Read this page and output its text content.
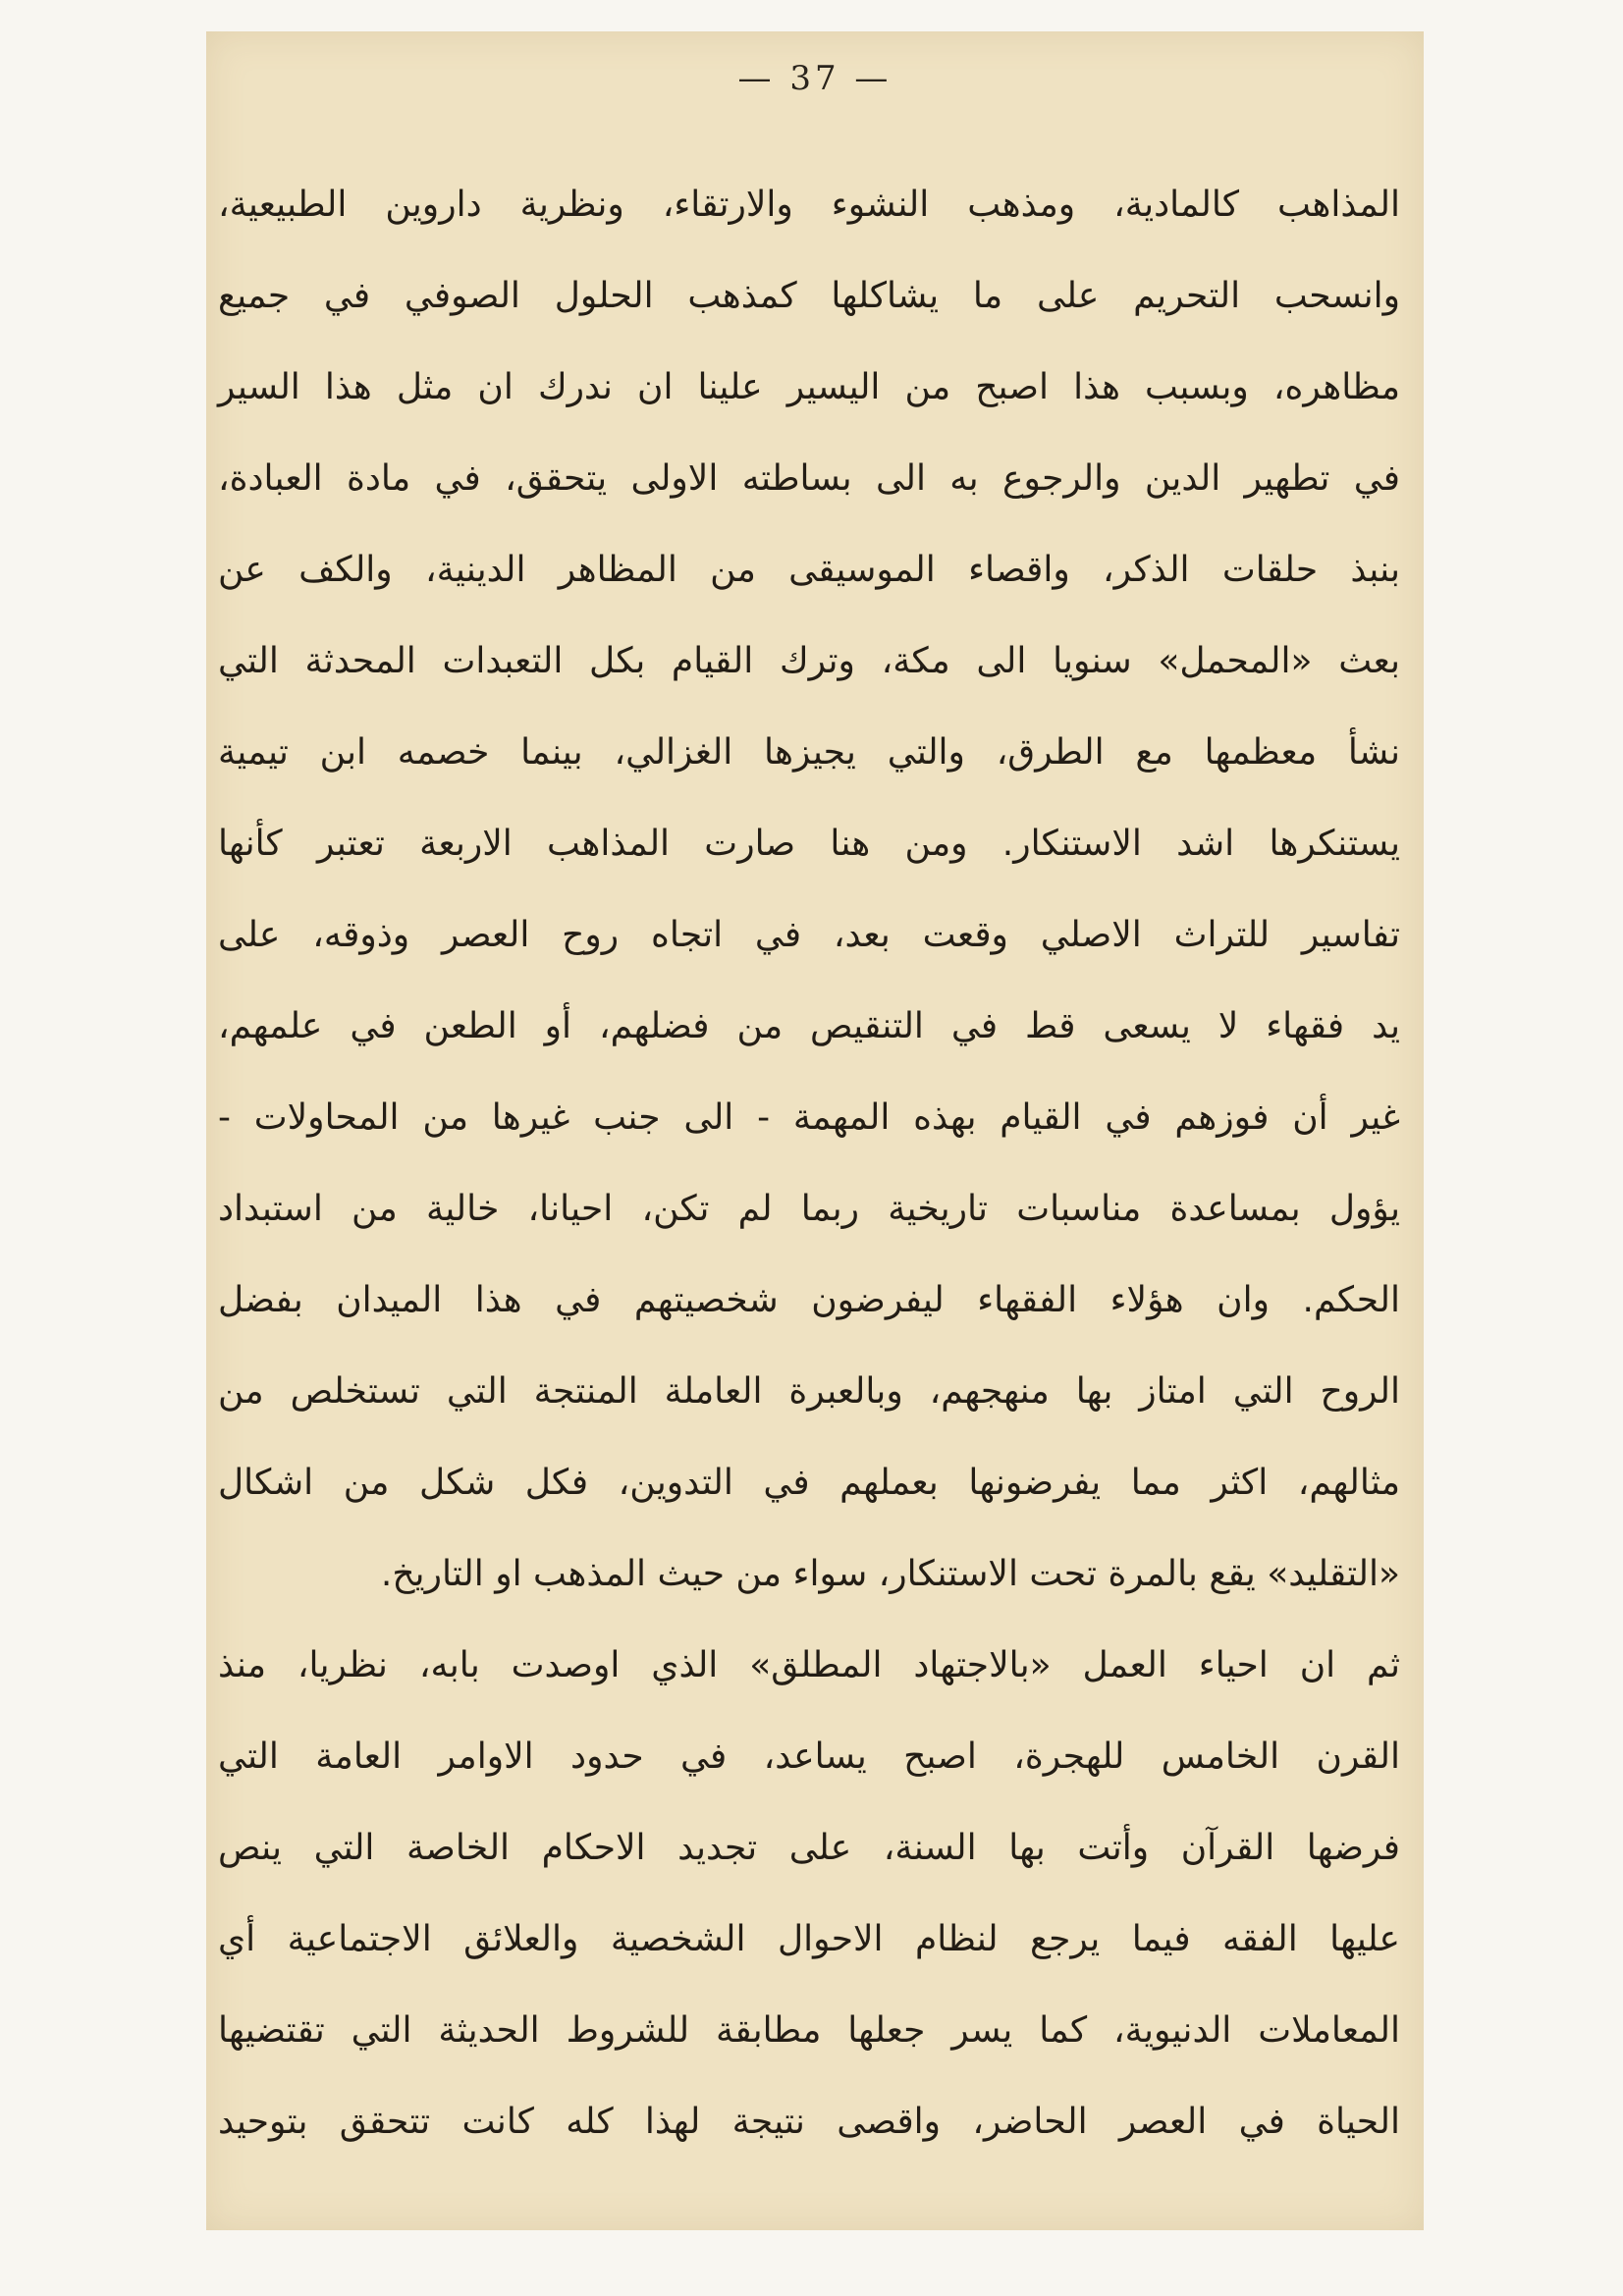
— 37 —
المذاهب كالمادية، ومذهب النشوء والارتقاء، ونظرية داروين الطبيعية،
وانسحب التحريم على ما يشاكلها كمذهب الحلول الصوفي في جميع
مظاهره، وبسبب هذا اصبح من اليسير علينا ان ندرك ان مثل هذا السير
في تطهير الدين والرجوع به الى بساطته الاولى يتحقق، في مادة العبادة،
بنبذ حلقات الذكر، واقصاء الموسيقى من المظاهر الدينية، والكف عن
بعث «المحمل» سنويا الى مكة، وترك القيام بكل التعبدات المحدثة التي
نشأ معظمها مع الطرق، والتي يجيزها الغزالي، بينما خصمه ابن تيمية
يستنكرها اشد الاستنكار. ومن هنا صارت المذاهب الاربعة تعتبر كأنها
تفاسير للتراث الاصلي وقعت بعد، في اتجاه روح العصر وذوقه، على
يد فقهاء لا يسعى قط في التنقيص من فضلهم، أو الطعن في علمهم،
غير أن فوزهم في القيام بهذه المهمة - الى جنب غيرها من المحاولات -
يؤول بمساعدة مناسبات تاريخية ربما لم تكن، احيانا، خالية من استبداد
الحكم. وان هؤلاء الفقهاء ليفرضون شخصيتهم في هذا الميدان بفضل
الروح التي امتاز بها منهجهم، وبالعبرة العاملة المنتجة التي تستخلص من
مثالهم، اكثر مما يفرضونها بعملهم في التدوين، فكل شكل من اشكال
«التقليد» يقع بالمرة تحت الاستنكار، سواء من حيث المذهب او التاريخ.
ثم ان احياء العمل «بالاجتهاد المطلق» الذي اوصدت بابه، نظريا، منذ
القرن الخامس للهجرة، اصبح يساعد، في حدود الاوامر العامة التي
فرضها القرآن وأتت بها السنة، على تجديد الاحكام الخاصة التي ينص
عليها الفقه فيما يرجع لنظام الاحوال الشخصية والعلائق الاجتماعية أي
المعاملات الدنيوية، كما يسر جعلها مطابقة للشروط الحديثة التي تقتضيها
الحياة في العصر الحاضر، واقصى نتيجة لهذا كله كانت تتحقق بتوحيد
